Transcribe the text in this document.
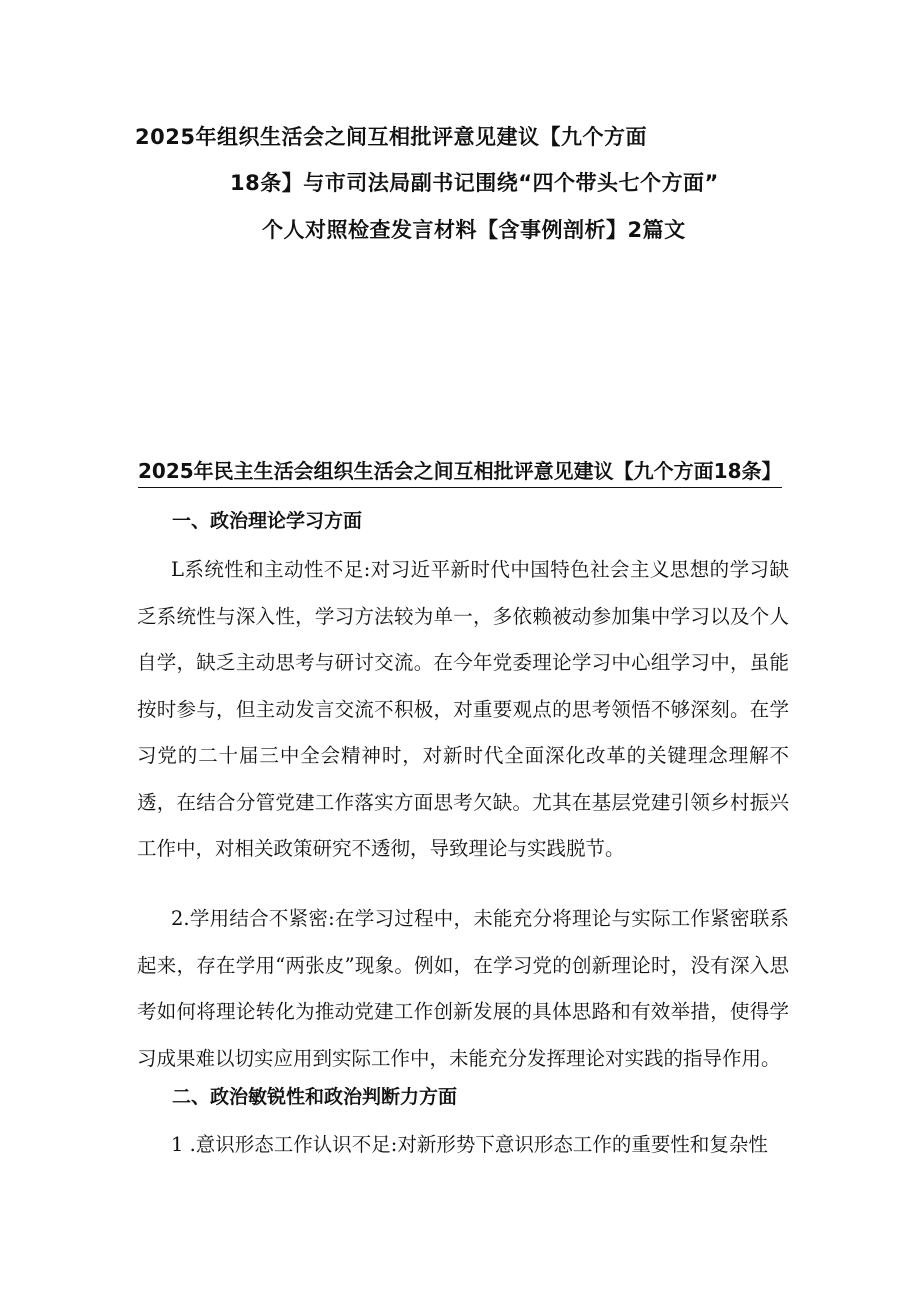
2025年组织生活会之间互相批评意见建议【九个方面
18条】与市司法局副书记围绕“四个带头七个方面”
个人对照检查发言材料【含事例剖析】2篇文
2025年民主生活会组织生活会之间互相批评意见建议【九个方面18条】
一、政治理论学习方面

L系统性和主动性不足:对习近平新时代中国特色社会主义思想的学习缺乏系统性与深入性，学习方法较为单一，多依赖被动参加集中学习以及个人自学，缺乏主动思考与研讨交流。在今年党委理论学习中心组学习中，虽能按时参与，但主动发言交流不积极，对重要观点的思考领悟不够深刻。在学习党的二十届三中全会精神时，对新时代全面深化改革的关键理念理解不透，在结合分管党建工作落实方面思考欠缺。尤其在基层党建引领乡村振兴工作中，对相关政策研究不透彻，导致理论与实践脱节。

2.学用结合不紧密:在学习过程中，未能充分将理论与实际工作紧密联系起来，存在学用“两张皮”现象。例如，在学习党的创新理论时，没有深入思考如何将理论转化为推动党建工作创新发展的具体思路和有效举措，使得学习成果难以切实应用到实际工作中，未能充分发挥理论对实践的指导作用。

二、政治敏锐性和政治判断力方面

1 .意识形态工作认识不足:对新形势下意识形态工作的重要性和复杂性
